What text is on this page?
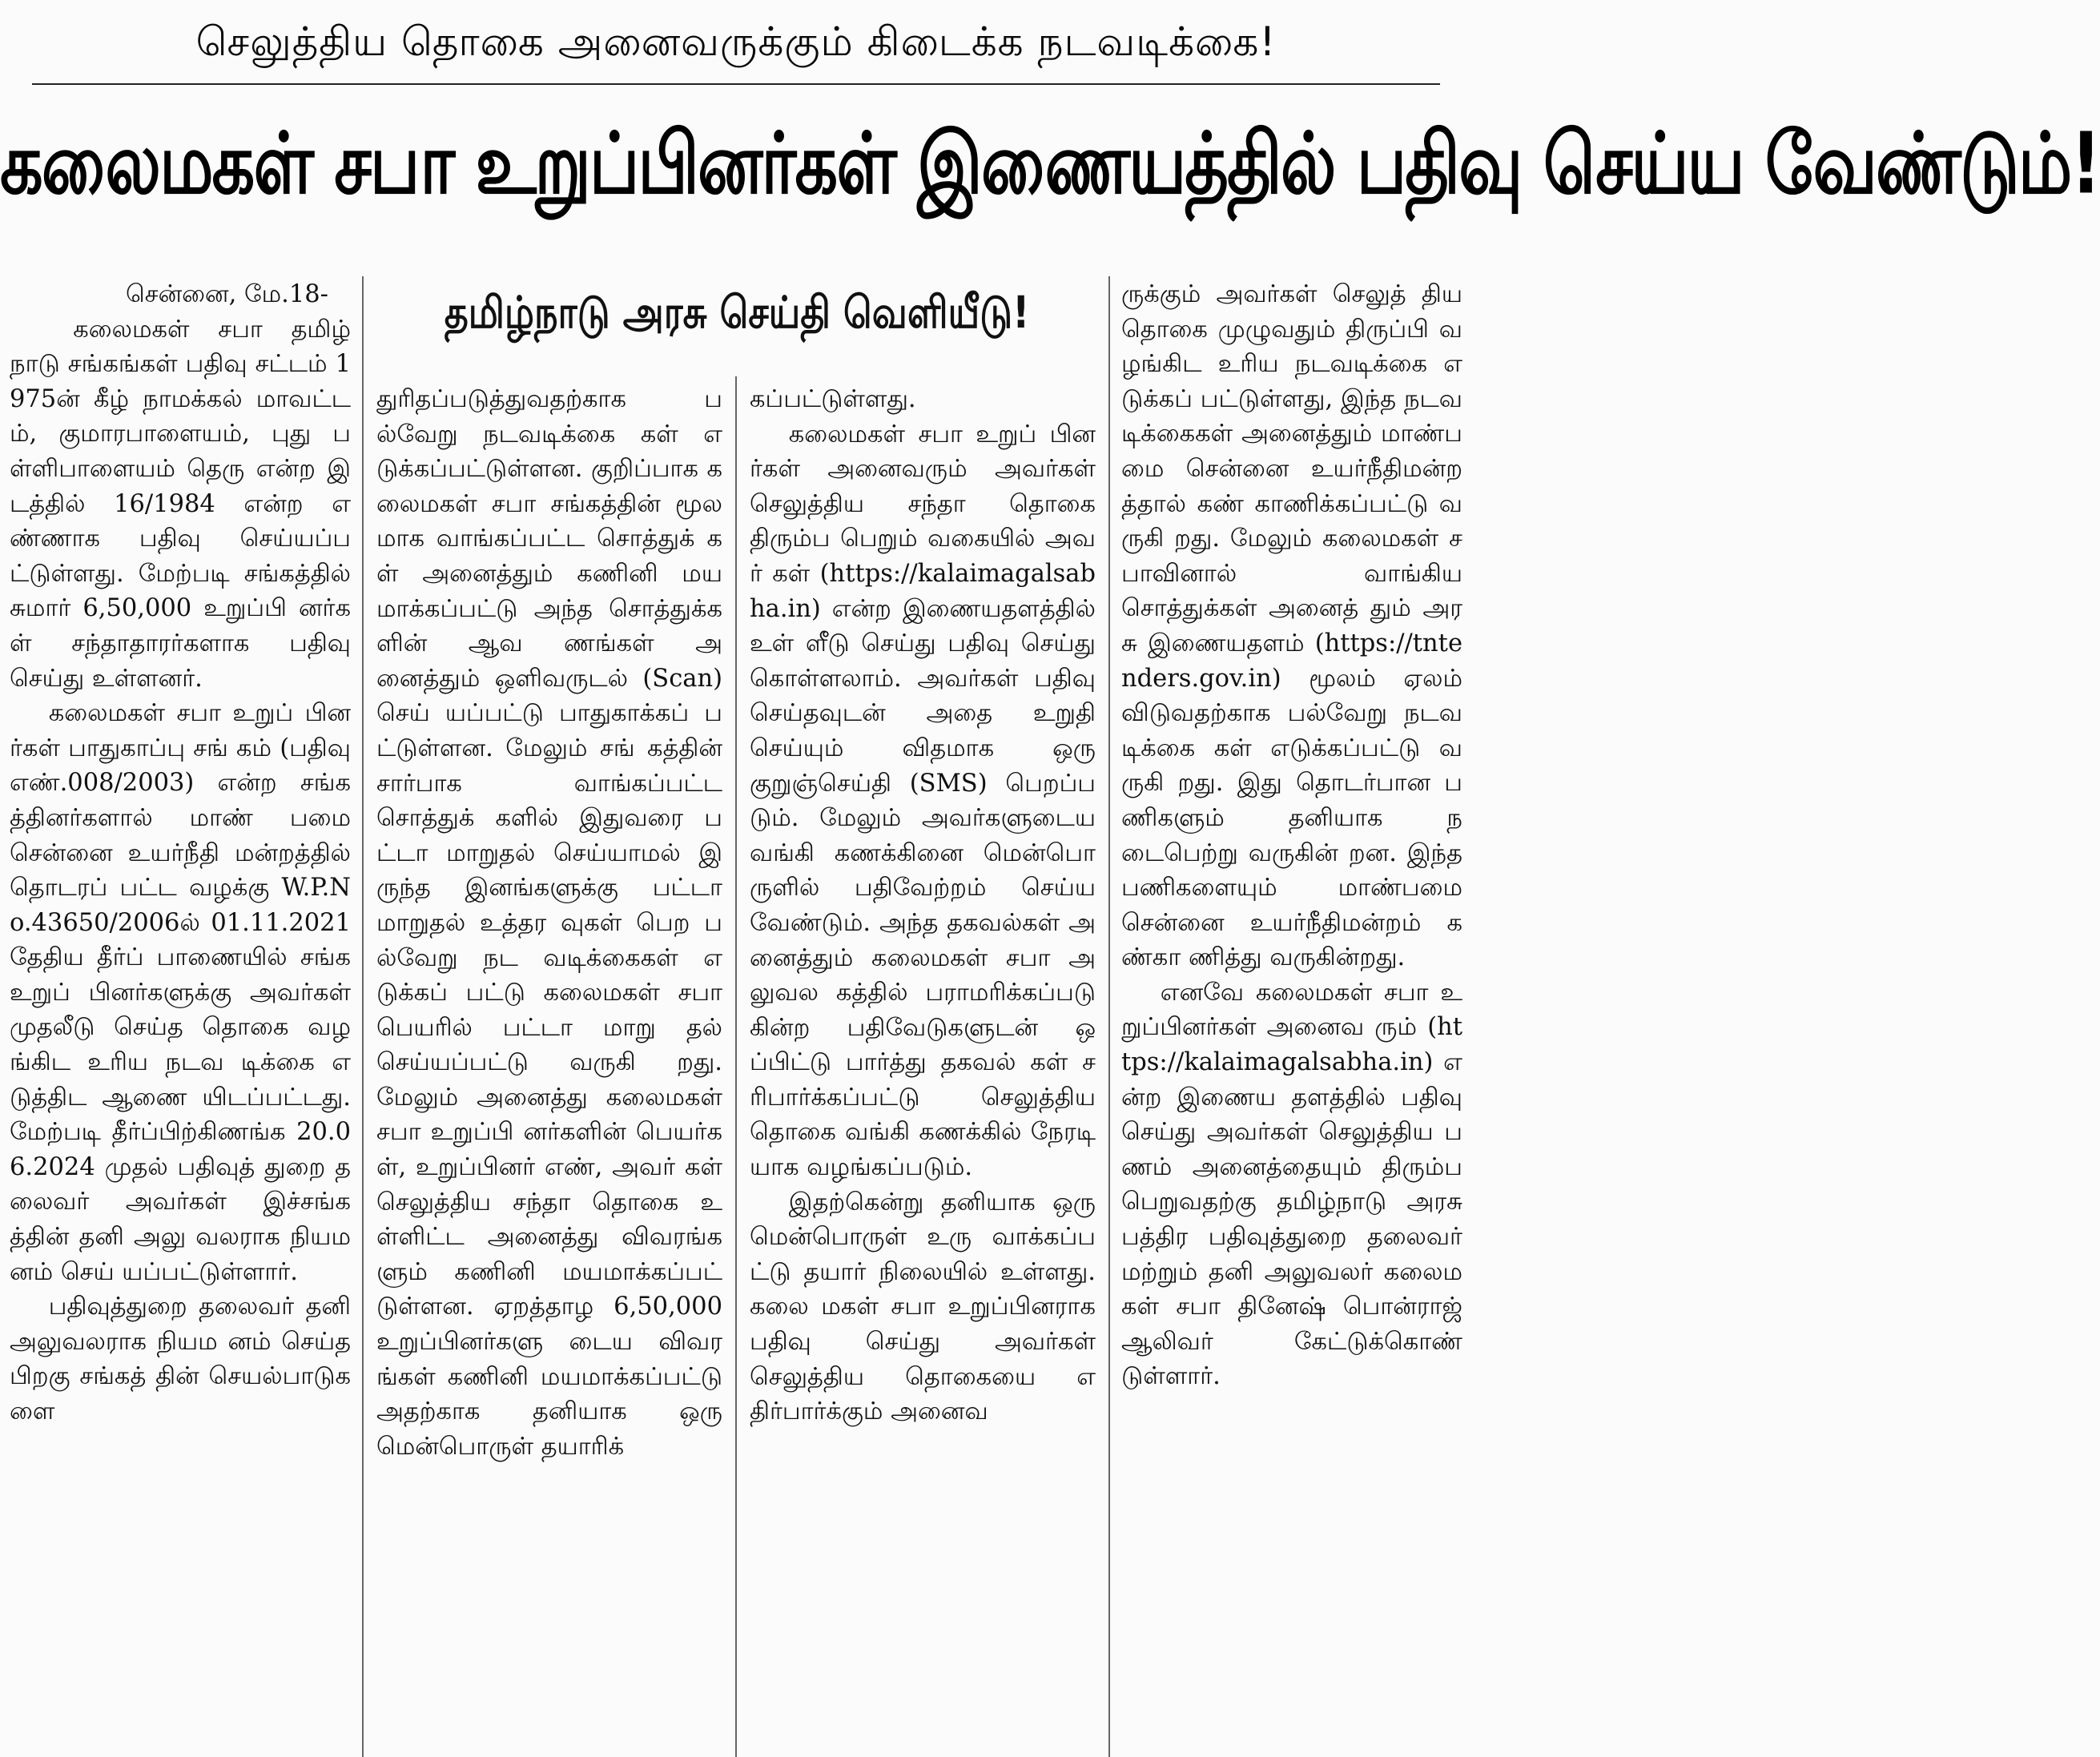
செலுத்திய தொகை அனைவருக்கும் கிடைக்க நடவடிக்கை!
கலைமகள் சபா உறுப்பினர்கள் இணையத்தில் பதிவு செய்ய வேண்டும்!
தமிழ்நாடு அரசு செய்தி வெளியீடு!
சென்னை, மே.18-

கலைமகள் சபா தமிழ் நாடு சங்கங்கள் பதிவு சட்டம் 1975ன் கீழ் நாமக்கல் மாவட்டம், குமாரபாளையம், புது பள்ளிபாளையம் தெரு என்ற இடத்தில் 16/1984 என்ற எண்ணாக பதிவு செய்யப்பட்டுள்ளது. மேற்படி சங்கத்தில் சுமார் 6,50,000 உறுப்பி னர்கள் சந்தாதாரர்களாக பதிவு செய்து உள்ளனர்.

கலைமகள் சபா உறுப் பினர்கள் பாதுகாப்பு சங் கம் (பதிவு எண்.008/2003) என்ற சங்கத்தினர்களால் மாண் பமை சென்னை உயர்நீதி மன்றத்தில் தொடரப் பட்ட வழக்கு W.P.No.43650/2006ல் 01.11.2021 தேதிய தீர்ப் பாணையில் சங்க உறுப் பினர்களுக்கு அவர்கள் முதலீடு செய்த தொகை வழங்கிட உரிய நடவ டிக்கை எடுத்திட ஆணை யிடப்பட்டது. மேற்படி தீர்ப்பிற்கிணங்க 20.06.2024 முதல் பதிவுத் துறை தலைவர் அவர்கள் இச்சங்கத்தின் தனி அலு வலராக நியமனம் செய் யப்பட்டுள்ளார்.

பதிவுத்துறை தலைவர் தனி அலுவலராக நியம னம் செய்த பிறகு சங்கத் தின் செயல்பாடுகளை

துரிதப்படுத்துவதற்காக பல்வேறு நடவடிக்கை கள் எடுக்கப்பட்டுள்ளன. குறிப்பாக கலைமகள் சபா சங்கத்தின் மூலமாக வாங்கப்பட்ட சொத்துக் கள் அனைத்தும் கணினி மயமாக்கப்பட்டு அந்த சொத்துக்களின் ஆவ ணங்கள் அனைத்தும் ஒளிவருடல் (Scan) செய் யப்பட்டு பாதுகாக்கப் பட்டுள்ளன. மேலும் சங் கத்தின் சார்பாக வாங்கப்பட்ட சொத்துக் களில் இதுவரை பட்டா மாறுதல் செய்யாமல் இருந்த இனங்களுக்கு பட்டா மாறுதல் உத்தர வுகள் பெற பல்வேறு நட வடிக்கைகள் எடுக்கப் பட்டு கலைமகள் சபா பெயரில் பட்டா மாறு தல் செய்யப்பட்டு வருகி றது. மேலும் அனைத்து கலைமகள் சபா உறுப்பி னர்களின் பெயர்கள், உறுப்பினர் எண், அவர் கள் செலுத்திய சந்தா தொகை உள்ளிட்ட அனைத்து விவரங்களும் கணினி மயமாக்கப்பட் டுள்ளன. ஏறத்தாழ 6,50,000 உறுப்பினர்களு டைய விவரங்கள் கணினி மயமாக்கப்பட்டு அதற்காக தனியாக ஒரு மென்பொருள் தயாரிக்

கப்பட்டுள்ளது.

கலைமகள் சபா உறுப் பினர்கள் அனைவரும் அவர்கள் செலுத்திய சந்தா தொகை திரும்ப பெறும் வகையில் அவர் கள் (https://kalaimagalsabha.in) என்ற இணையதளத்தில் உள் ளீடு செய்து பதிவு செய்து கொள்ளலாம். அவர்கள் பதிவு செய்தவுடன் அதை உறுதி செய்யும் விதமாக ஒரு குறுஞ்செய்தி (SMS) பெறப்படும். மேலும் அவர்களுடைய வங்கி கணக்கினை மென்பொ ருளில் பதிவேற்றம் செய்ய வேண்டும். அந்த தகவல்கள் அனைத்தும் கலைமகள் சபா அலுவல கத்தில் பராமரிக்கப்படு கின்ற பதிவேடுகளுடன் ஒப்பிட்டு பார்த்து தகவல் கள் சரிபார்க்கப்பட்டு செலுத்திய தொகை வங்கி கணக்கில் நேரடி யாக வழங்கப்படும்.

இதற்கென்று தனியாக ஒரு மென்பொருள் உரு வாக்கப்பட்டு தயார் நிலையில் உள்ளது. கலை மகள் சபா உறுப்பினராக பதிவு செய்து அவர்கள் செலுத்திய தொகையை எதிர்பார்க்கும் அனைவ

ருக்கும் அவர்கள் செலுத் திய தொகை முழுவதும் திருப்பி வழங்கிட உரிய நடவடிக்கை எடுக்கப் பட்டுள்ளது, இந்த நடவ டிக்கைகள் அனைத்தும் மாண்பமை சென்னை உயர்நீதிமன்றத்தால் கண் காணிக்கப்பட்டு வருகி றது. மேலும் கலைமகள் சபாவினால் வாங்கிய சொத்துக்கள் அனைத் தும் அரசு இணையதளம் (https://tntenders.gov.in) மூலம் ஏலம் விடுவதற்காக பல்வேறு நடவடிக்கை கள் எடுக்கப்பட்டு வருகி றது. இது தொடர்பான பணிகளும் தனியாக நடைபெற்று வருகின் றன. இந்த பணிகளையும் மாண்பமை சென்னை உயர்நீதிமன்றம் கண்கா ணித்து வருகின்றது.

எனவே கலைமகள் சபா உறுப்பினர்கள் அனைவ ரும் (https://kalaimagalsabha.in) என்ற இணைய தளத்தில் பதிவு செய்து அவர்கள் செலுத்திய பணம் அனைத்தையும் திரும்ப பெறுவதற்கு தமிழ்நாடு அரசு பத்திர பதிவுத்துறை தலைவர் மற்றும் தனி அலுவலர் கலைமகள் சபா தினேஷ் பொன்ராஜ் ஆலிவர் கேட்டுக்கொண் டுள்ளார்.
